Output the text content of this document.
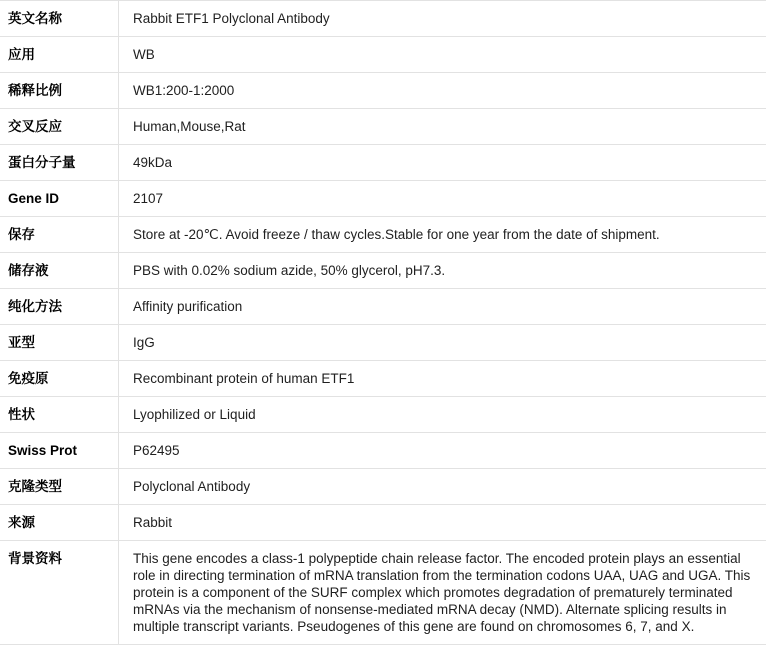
英文名称	Rabbit ETF1 Polyclonal Antibody
应用	WB
稀释比例	WB1:200-1:2000
交叉反应	Human,Mouse,Rat
蛋白分子量	49kDa
Gene ID	2107
保存	Store at -20℃. Avoid freeze / thaw cycles.Stable for one year from the date of shipment.
储存液	PBS with 0.02% sodium azide, 50% glycerol, pH7.3.
纯化方法	Affinity purification
亚型	IgG
免疫原	Recombinant protein of human ETF1
性状	Lyophilized or Liquid
Swiss Prot	P62495
克隆类型	Polyclonal Antibody
来源	Rabbit
背景资料	This gene encodes a class-1 polypeptide chain release factor. The encoded protein plays an essential role in directing termination of mRNA translation from the termination codons UAA, UAG and UGA. This protein is a component of the SURF complex which promotes degradation of prematurely terminated mRNAs via the mechanism of nonsense-mediated mRNA decay (NMD). Alternate splicing results in multiple transcript variants. Pseudogenes of this gene are found on chromosomes 6, 7, and X.
